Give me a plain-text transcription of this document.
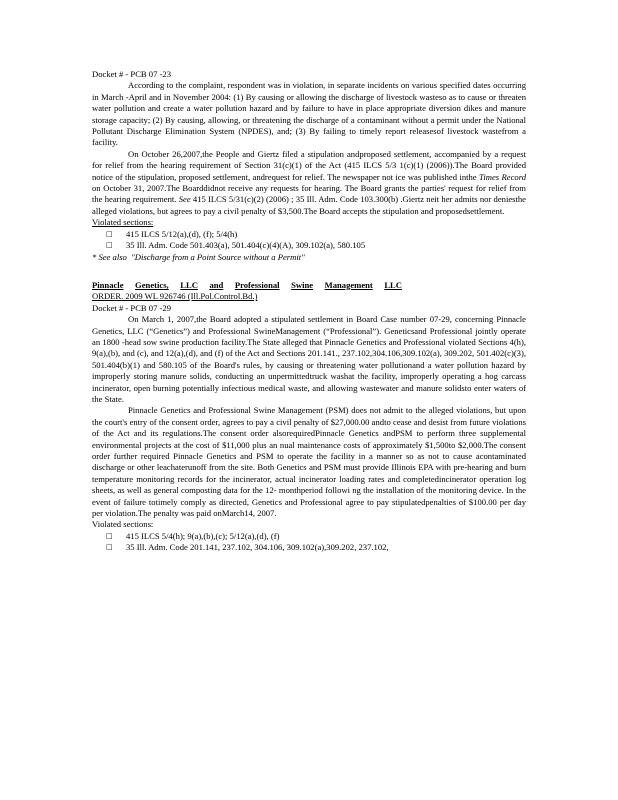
Docket # - PCB 07 -23

According to the complaint, respondent was in violation, in separate incidents on various specified dates occurring in March -April and in November 2004: (1) By causing or allowing the discharge of livestock wasteso as to cause or threaten water pollution and create a water pollution hazard and by failure to have in place appropriate diversion dikes and manure storage capacity; (2) By causing, allowing, or threatening the discharge of a contaminant without a permit under the National Pollutant Discharge Elimination System (NPDES), and; (3) By failing to timely report releasesof livestock wastefrom a facility.

On October 26,2007,the People and Giertz filed a stipulation andproposed settlement, accompanied by a request for relief from the hearing requirement of Section 31(c)(1) of the Act (415 ILCS 5/3 1(c)(1) (2006)).The Board provided notice of the stipulation, proposed settlement, andrequest for relief. The newspaper not ice was published inthe Times Record on October 31, 2007.The Boarddidnot receive any requests for hearing. The Board grants the parties' request for relief from the hearing requirement. See 415 ILCS 5/31(c)(2) (2006) ; 35 Ill. Adm. Code 103.300(b) .Giertz neit her admits nor deniesthe alleged violations, but agrees to pay a civil penalty of $3,500.The Board accepts the stipulation and proposedsettlement.

Violated sections:
□	415 ILCS 5/12(a),(d), (f); 5/4(h)
□	35 Ill. Adm. Code 501.403(a), 501.404(c)(4)(A), 309.102(a), 580.105
* See also "Discharge from a Point Source without a Permit"
Pinnacle Genetics, LLC and Professional Swine Management LLC
ORDER. 2009 WL 926746 (Ill.Pol.Control.Bd.)
Docket # - PCB 07 -29

On March 1, 2007,the Board adopted a stipulated settlement in Board Case number 07-29, concerning Pinnacle Genetics, LLC (“Genetics”) and Professional SwineManagement (“Professional”). Geneticsand Professional jointly operate an 1800 -head sow swine production facility.The State alleged that Pinnacle Genetics and Professional violated Sections 4(h), 9(a),(b), and (c), and 12(a),(d), and (f) of the Act and Sections 201.141., 237.102,304.106,309.102(a), 309.202, 501.402(c)(3), 501.404(b)(1) and 580.105 of the Board's rules, by causing or threatening water pollutionand a water pollution hazard by improperly storing manure solids, conducting an unpermittedtruck washat the facility, improperly operating a hog carcass incinerator, open burning potentially infectious medical waste, and allowing wastewater and manure solidsto enter waters of the State.

Pinnacle Genetics and Professional Swine Management (PSM) does not admit to the alleged violations, but upon the court's entry of the consent order, agrees to pay a civil penalty of $27,000.00 andto cease and desist from future violations of the Act and its regulations.The consent order alsorequiredPinnacle Genetics andPSM to perform three supplemental environmental projects at the cost of $11,000 plus an nual maintenance costs of approximately $1,500to $2,000.The consent order further required Pinnacle Genetics and PSM to operate the facility in a manner so as not to cause acontaminated discharge or other leachaterunoff from the site. Both Genetics and PSM must provide Illinois EPA with pre-hearing and burn temperature monitoring records for the incinerator, actual incinerator loading rates and completedincinerator operation log sheets, as well as general composting data for the 12- monthperiod followi ng the installation of the monitoring device. In the event of failure totimely comply as directed, Genetics and Professional agree to pay stipulatedpenalties of $100.00 per day per violation.The penalty was paid onMarch14, 2007.

Violated sections:
□	415 ILCS 5/4(h); 9(a),(b),(c); 5/12(a),(d), (f)
□	35 Ill. Adm. Code 201.141, 237.102, 304.106, 309.102(a),309.202, 237.102,
